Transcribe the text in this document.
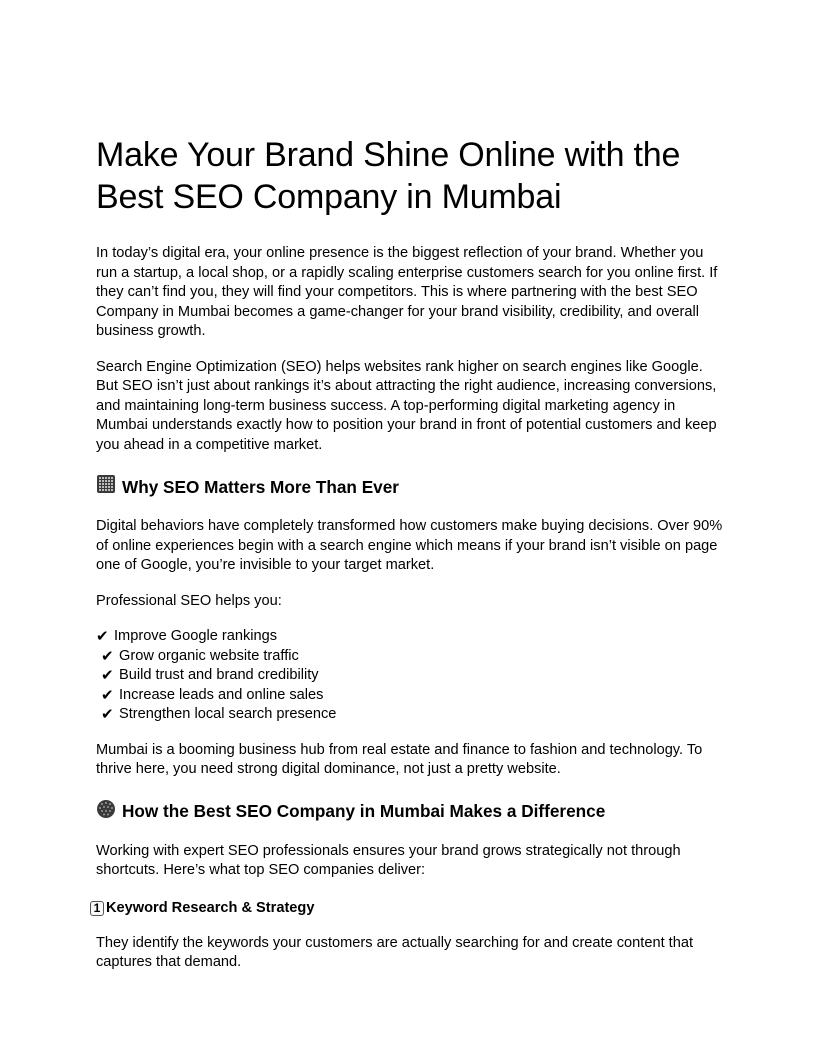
Make Your Brand Shine Online with the Best SEO Company in Mumbai

In today’s digital era, your online presence is the biggest reflection of your brand. Whether you run a startup, a local shop, or a rapidly scaling enterprise customers search for you online first. If they can’t find you, they will find your competitors. This is where partnering with the best SEO Company in Mumbai becomes a game-changer for your brand visibility, credibility, and overall business growth.

Search Engine Optimization (SEO) helps websites rank higher on search engines like Google. But SEO isn’t just about rankings it’s about attracting the right audience, increasing conversions, and maintaining long-term business success. A top-performing digital marketing agency in Mumbai understands exactly how to position your brand in front of potential customers and keep you ahead in a competitive market.

Why SEO Matters More Than Ever

Digital behaviors have completely transformed how customers make buying decisions. Over 90% of online experiences begin with a search engine which means if your brand isn’t visible on page one of Google, you’re invisible to your target market.

Professional SEO helps you:

✔ Improve Google rankings
✔ Grow organic website traffic
✔ Build trust and brand credibility
✔ Increase leads and online sales
✔ Strengthen local search presence

Mumbai is a booming business hub from real estate and finance to fashion and technology. To thrive here, you need strong digital dominance, not just a pretty website.

How the Best SEO Company in Mumbai Makes a Difference

Working with expert SEO professionals ensures your brand grows strategically not through shortcuts. Here’s what top SEO companies deliver:

1 Keyword Research & Strategy

They identify the keywords your customers are actually searching for and create content that captures that demand.
